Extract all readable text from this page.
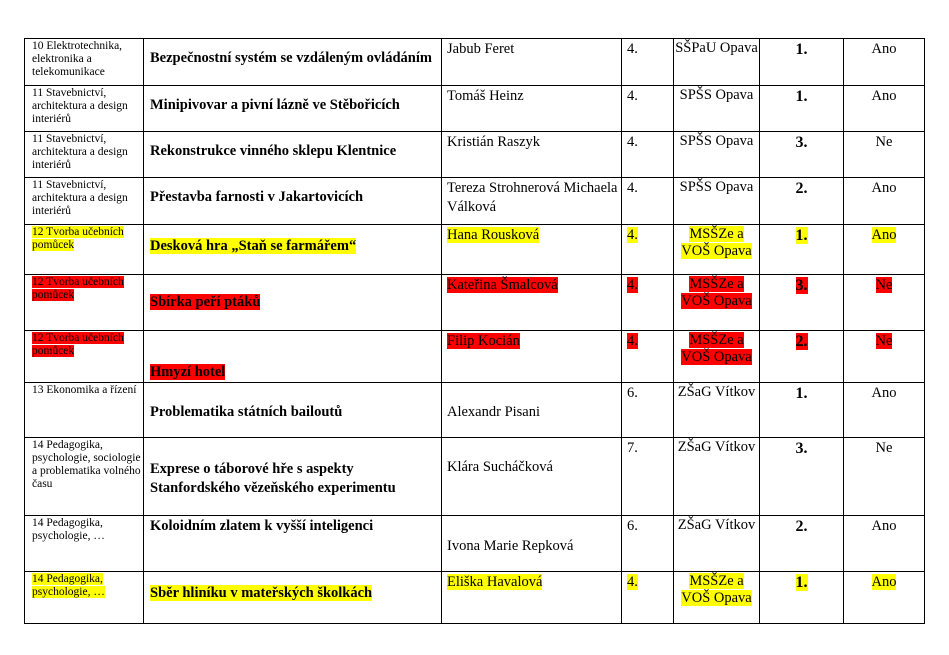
10 Elektrotechnika, elektronika a telekomunikace	Bezpečnostní systém se vzdáleným ovládáním	Jabub Feret	4.	SŠPaU Opava	1.	Ano

11 Stavebnictví, architektura a design interiérů	Minipivovar a pivní lázně ve Stěbořicích	Tomáš Heinz	4.	SPŠS Opava	1.	Ano

11 Stavebnictví, architektura a design interiérů	Rekonstrukce vinného sklepu Klentnice	Kristián Raszyk	4.	SPŠS Opava	3.	Ne

11 Stavebnictví, architektura a design interiérů	Přestavba farnosti v Jakartovicích	Tereza Strohnerová Michaela Válková	4.	SPŠS Opava	2.	Ano

12 Tvorba učebních pomůcek	Desková hra „Staň se farmářem“	Hana Rousková	4.	MSŠZe a VOŠ Opava	1.	Ano

12 Tvorba učebních pomůcek	Sbírka peří ptáků	Kateřina Šmalcová	4.	MSŠZe a VOŠ Opava	3.	Ne

12 Tvorba učebních pomůcek	Hmyzí hotel	Filip Kocián	4.	MSŠZe a VOŠ Opava	2.	Ne

13 Ekonomika a řízení	Problematika státních bailoutů	Alexandr Pisani	6.	ZŠaG Vítkov	1.	Ano

14 Pedagogika, psychologie, sociologie a problematika volného času	Exprese o táborové hře s aspekty Stanfordského vězeňského experimentu	Klára Sucháčková	7.	ZŠaG Vítkov	3.	Ne

14 Pedagogika, psychologie, …	Koloidním zlatem k vyšší inteligenci	Ivona Marie Repková	6.	ZŠaG Vítkov	2.	Ano

14 Pedagogika, psychologie, …	Sběr hliníku v mateřských školkách	Eliška Havalová	4.	MSŠZe a VOŠ Opava	1.	Ano
